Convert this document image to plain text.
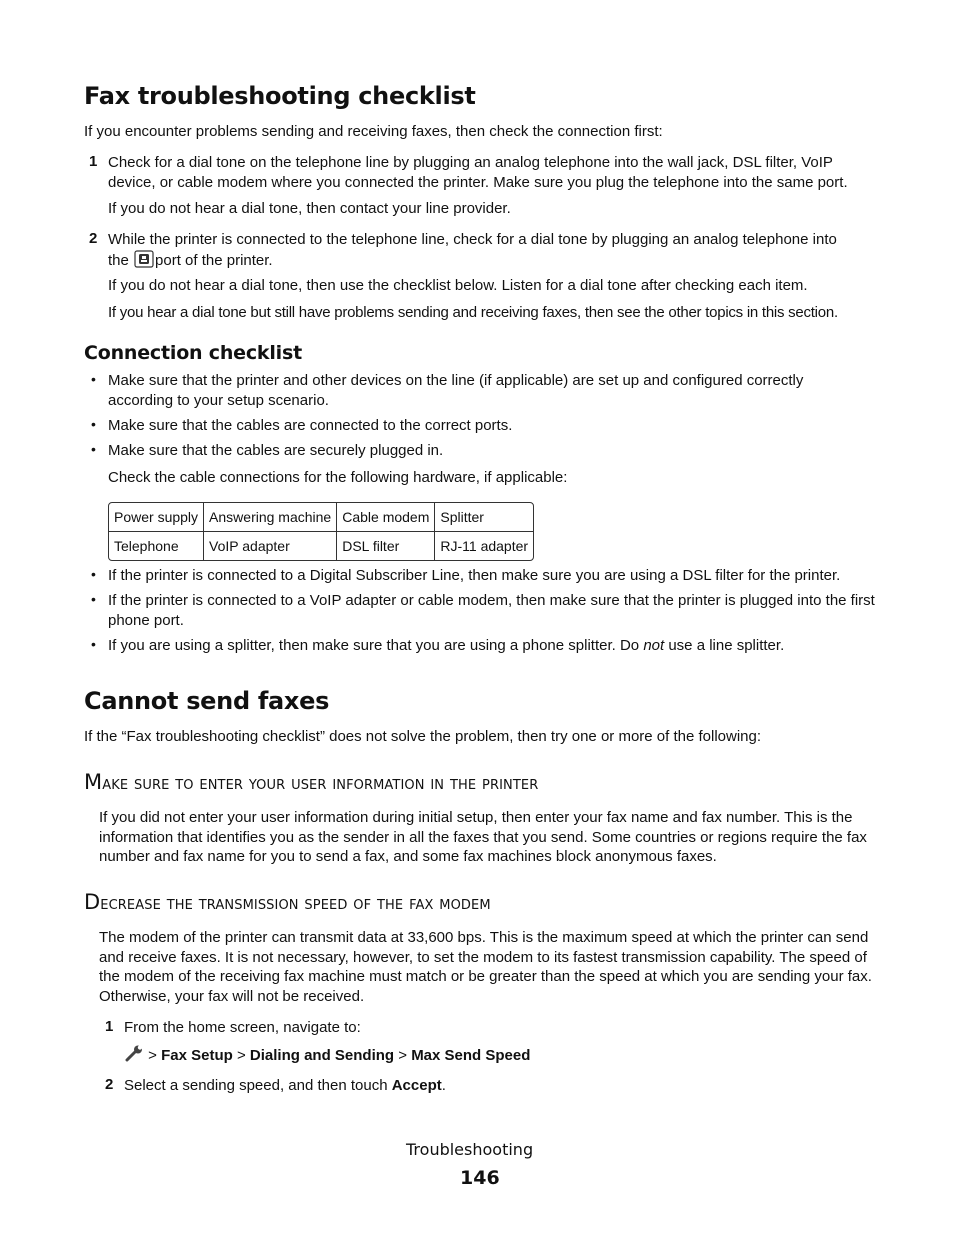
Fax troubleshooting checklist
If you encounter problems sending and receiving faxes, then check the connection first:
1 Check for a dial tone on the telephone line by plugging an analog telephone into the wall jack, DSL filter, VoIP device, or cable modem where you connected the printer. Make sure you plug the telephone into the same port.
If you do not hear a dial tone, then contact your line provider.
2 While the printer is connected to the telephone line, check for a dial tone by plugging an analog telephone into
the port of the printer.
If you do not hear a dial tone, then use the checklist below. Listen for a dial tone after checking each item.
If you hear a dial tone but still have problems sending and receiving faxes, then see the other topics in this section.
Connection checklist
• Make sure that the printer and other devices on the line (if applicable) are set up and configured correctly according to your setup scenario.
• Make sure that the cables are connected to the correct ports.
• Make sure that the cables are securely plugged in.
Check the cable connections for the following hardware, if applicable:
Power supply	Answering machine	Cable modem	Splitter
Telephone	VoIP adapter	DSL filter	RJ-11 adapter
• If the printer is connected to a Digital Subscriber Line, then make sure you are using a DSL filter for the printer.
• If the printer is connected to a VoIP adapter or cable modem, then make sure that the printer is plugged into the first phone port.
• If you are using a splitter, then make sure that you are using a phone splitter. Do not use a line splitter.
Cannot send faxes
If the “Fax troubleshooting checklist” does not solve the problem, then try one or more of the following:
Make sure to enter your user information in the printer
If you did not enter your user information during initial setup, then enter your fax name and fax number. This is the information that identifies you as the sender in all the faxes that you send. Some countries or regions require the fax number and fax name for you to send a fax, and some fax machines block anonymous faxes.
Decrease the transmission speed of the fax modem
The modem of the printer can transmit data at 33,600 bps. This is the maximum speed at which the printer can send and receive faxes. It is not necessary, however, to set the modem to its fastest transmission capability. The speed of the modem of the receiving fax machine must match or be greater than the speed at which you are sending your fax. Otherwise, your fax will not be received.
1 From the home screen, navigate to:
> Fax Setup > Dialing and Sending > Max Send Speed
2 Select a sending speed, and then touch Accept.
Troubleshooting
146
